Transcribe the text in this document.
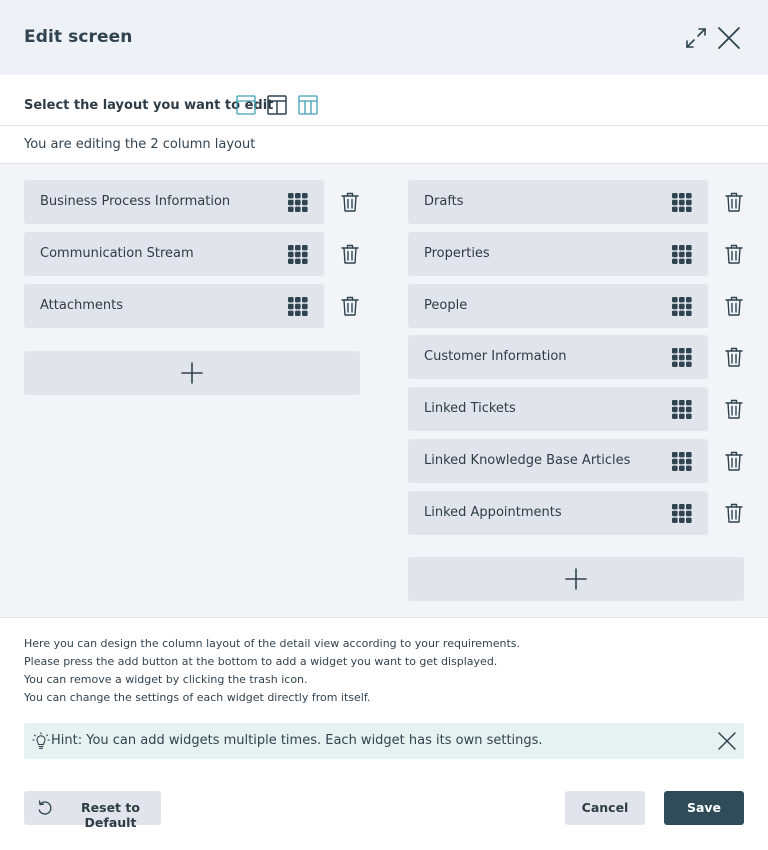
Edit screen
Select the layout you want to edit
You are editing the 2 column layout
Business Process Information
Communication Stream
Attachments
Drafts
Properties
People
Customer Information
Linked Tickets
Linked Knowledge Base Articles
Linked Appointments
Here you can design the column layout of the detail view according to your requirements.
Please press the add button at the bottom to add a widget you want to get displayed.
You can remove a widget by clicking the trash icon.
You can change the settings of each widget directly from itself.
Hint: You can add widgets multiple times. Each widget has its own settings.
Reset to Default
Cancel	Save
